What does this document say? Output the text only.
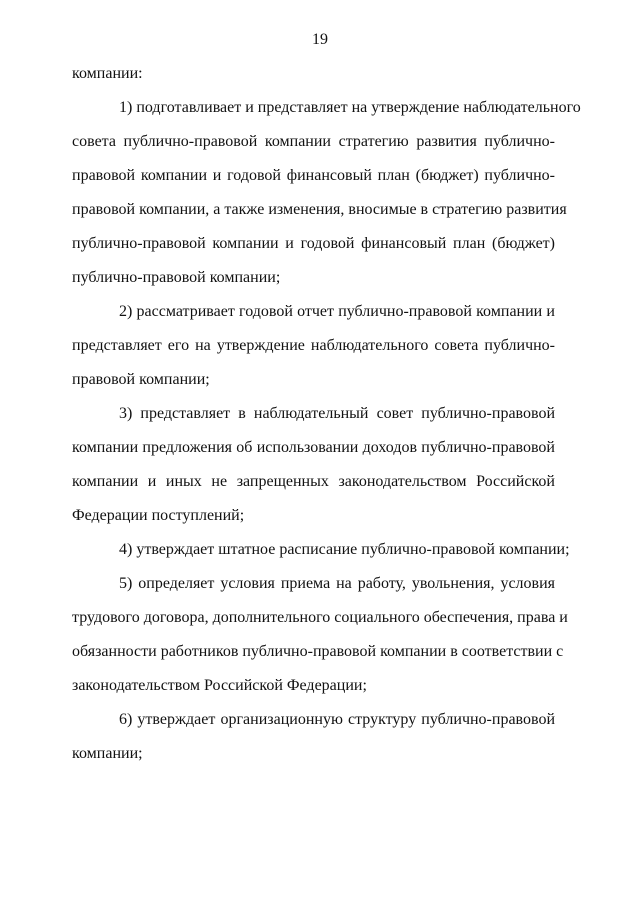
19
компании:
1) подготавливает и представляет на утверждение наблюдательного
совета публично-правовой компании стратегию развития публично-
правовой компании и годовой финансовый план (бюджет) публично-
правовой компании, а также изменения, вносимые в стратегию развития
публично-правовой компании и годовой финансовый план (бюджет)
публично-правовой компании;
2) рассматривает годовой отчет публично-правовой компании и
представляет его на утверждение наблюдательного совета публично-
правовой компании;
3) представляет в наблюдательный совет публично-правовой
компании предложения об использовании доходов публично-правовой
компании и иных не запрещенных законодательством Российской
Федерации поступлений;
4) утверждает штатное расписание публично-правовой компании;
5) определяет условия приема на работу, увольнения, условия
трудового договора, дополнительного социального обеспечения, права и
обязанности работников публично-правовой компании в соответствии с
законодательством Российской Федерации;
6) утверждает организационную структуру публично-правовой
компании;
